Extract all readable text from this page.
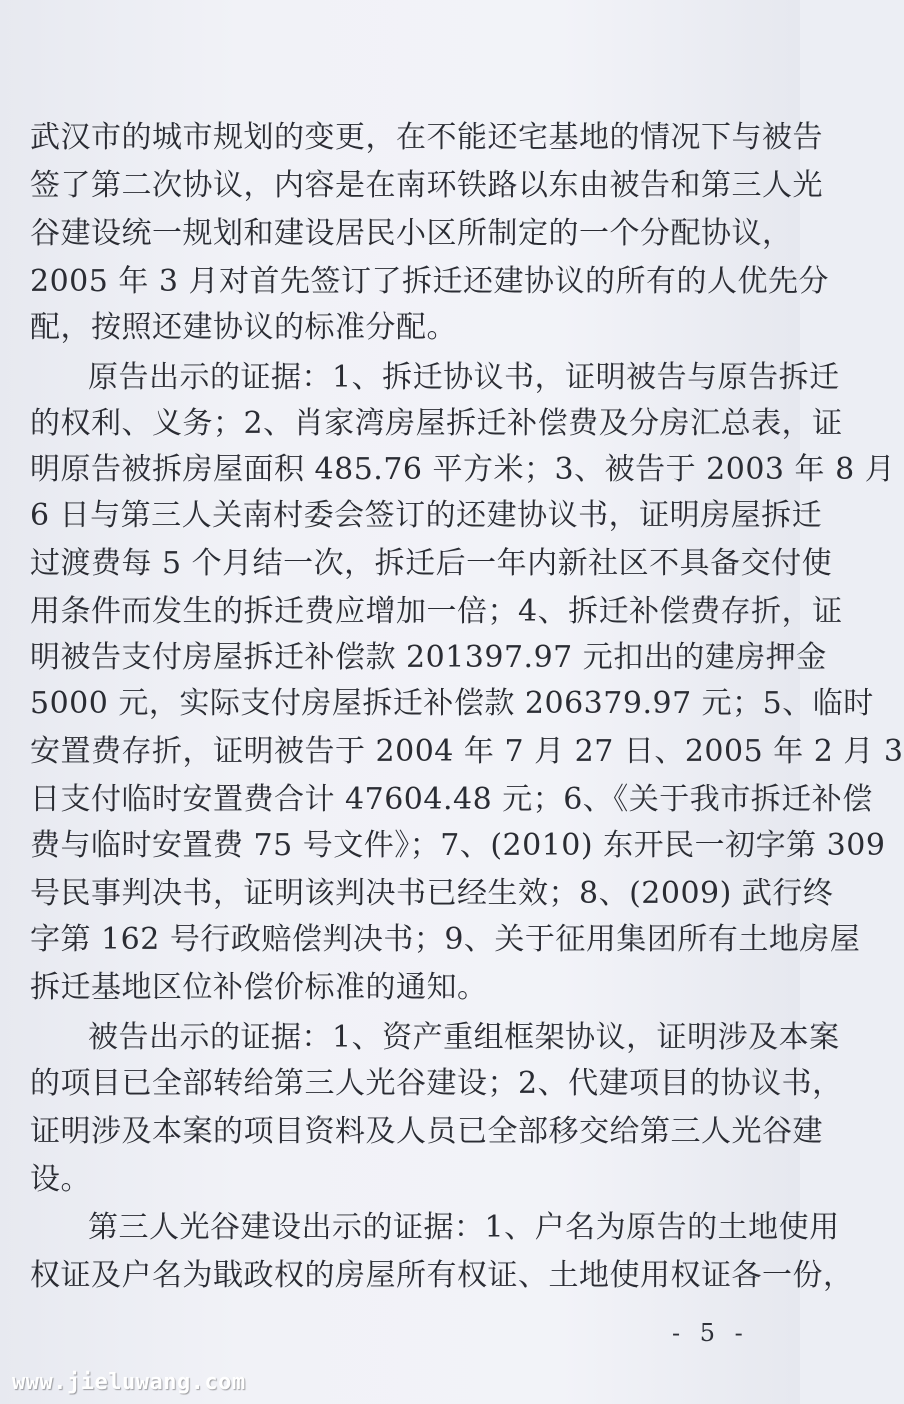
武汉市的城市规划的变更，在不能还宅基地的情况下与被告
签了第二次协议，内容是在南环铁路以东由被告和第三人光
谷建设统一规划和建设居民小区所制定的一个分配协议，
2005 年 3 月对首先签订了拆迁还建协议的所有的人优先分
配，按照还建协议的标准分配。
原告出示的证据：1、拆迁协议书，证明被告与原告拆迁
的权利、义务；2、肖家湾房屋拆迁补偿费及分房汇总表，证
明原告被拆房屋面积 485.76 平方米；3、被告于 2003 年 8 月
6 日与第三人关南村委会签订的还建协议书，证明房屋拆迁
过渡费每 5 个月结一次，拆迁后一年内新社区不具备交付使
用条件而发生的拆迁费应增加一倍；4、拆迁补偿费存折，证
明被告支付房屋拆迁补偿款 201397.97 元扣出的建房押金
5000 元，实际支付房屋拆迁补偿款 206379.97 元；5、临时
安置费存折，证明被告于 2004 年 7 月 27 日、2005 年 2 月 3
日支付临时安置费合计 47604.48 元；6、《关于我市拆迁补偿
费与临时安置费 75 号文件》；7、(2010) 东开民一初字第 309
号民事判决书，证明该判决书已经生效；8、(2009) 武行终
字第 162 号行政赔偿判决书；9、关于征用集团所有土地房屋
拆迁基地区位补偿价标准的通知。
被告出示的证据：1、资产重组框架协议，证明涉及本案
的项目已全部转给第三人光谷建设；2、代建项目的协议书，
证明涉及本案的项目资料及人员已全部移交给第三人光谷建
设。
第三人光谷建设出示的证据：1、户名为原告的土地使用
权证及户名为戢政权的房屋所有权证、土地使用权证各一份，
- 5 -
www.jieluwang.com
